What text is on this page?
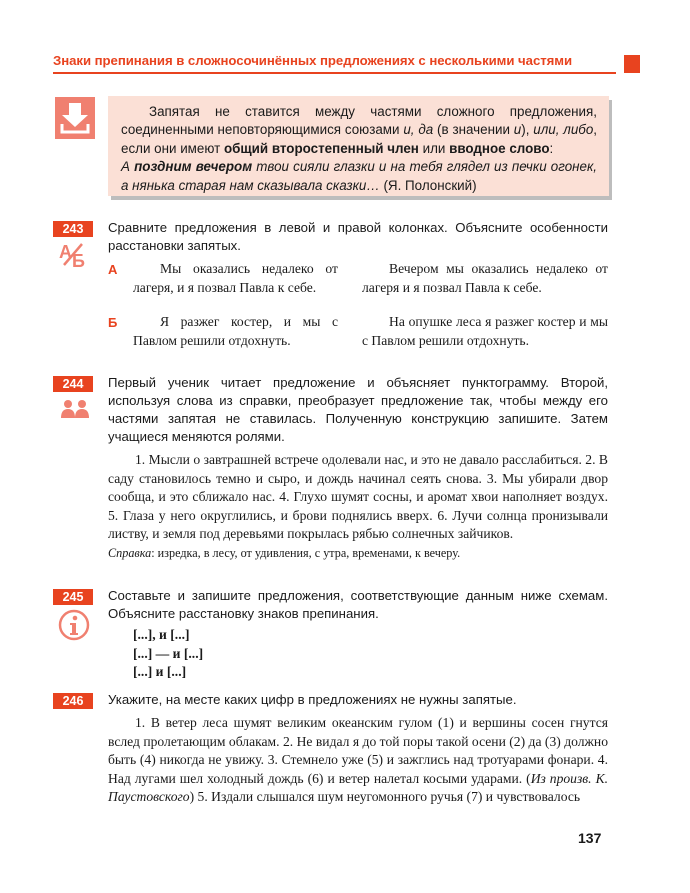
Знаки препинания в сложносочинённых предложениях с несколькими частями
Запятая не ставится между частями сложного предложения, соединенными неповторяющимися союзами и, да (в значении и), или, либо, если они имеют общий второстепенный член или вводное слово:
А поздним вечером твои сияли глазки и на тебя глядел из печки огонек, а нянька старая нам сказывала сказки… (Я. Полонский)
243
А Б
Сравните предложения в левой и правой колонках. Объясните особенности расстановки запятых.
А	Мы оказались недалеко от лагеря, и я позвал Павла к себе.
Вечером мы оказались недалеко от лагеря и я позвал Павла к себе.
Б	Я разжег костер, и мы с Павлом решили отдохнуть.
На опушке леса я разжег костер и мы с Павлом решили отдохнуть.
244	Первый ученик читает предложение и объясняет пунктограмму. Второй, используя слова из справки, преобразует предложение так, чтобы между его частями запятая не ставилась. Полученную конструкцию запишите. Затем учащиеся меняются ролями.
1. Мысли о завтрашней встрече одолевали нас, и это не давало расслабиться. 2. В саду становилось темно и сыро, и дождь начинал сеять снова. 3. Мы убирали двор сообща, и это сближало нас. 4. Глухо шумят сосны, и аромат хвои наполняет воздух. 5. Глаза у него округлились, и брови поднялись вверх. 6. Лучи солнца пронизывали листву, и земля под деревьями покрылась рябью солнечных зайчиков.
Справка: изредка, в лесу, от удивления, с утра, временами, к вечеру.
245	Составьте и запишите предложения, соответствующие данным ниже схемам. Объясните расстановку знаков препинания.
[...], и [...]
[...] — и [...]
[...] и [...]
246	Укажите, на месте каких цифр в предложениях не нужны запятые.
1. В ветер леса шумят великим океанским гулом (1) и вершины сосен гнутся вслед пролетающим облакам. 2. Не видал я до той поры такой осени (2) да (3) должно быть (4) никогда не увижу. 3. Стемнело уже (5) и зажглись над тротуарами фонари. 4. Над лугами шел холодный дождь (6) и ветер налетал косыми ударами. (Из произв. К. Паустовского) 5. Издали слышался шум неугомонного ручья (7) и чувствовалось
137
